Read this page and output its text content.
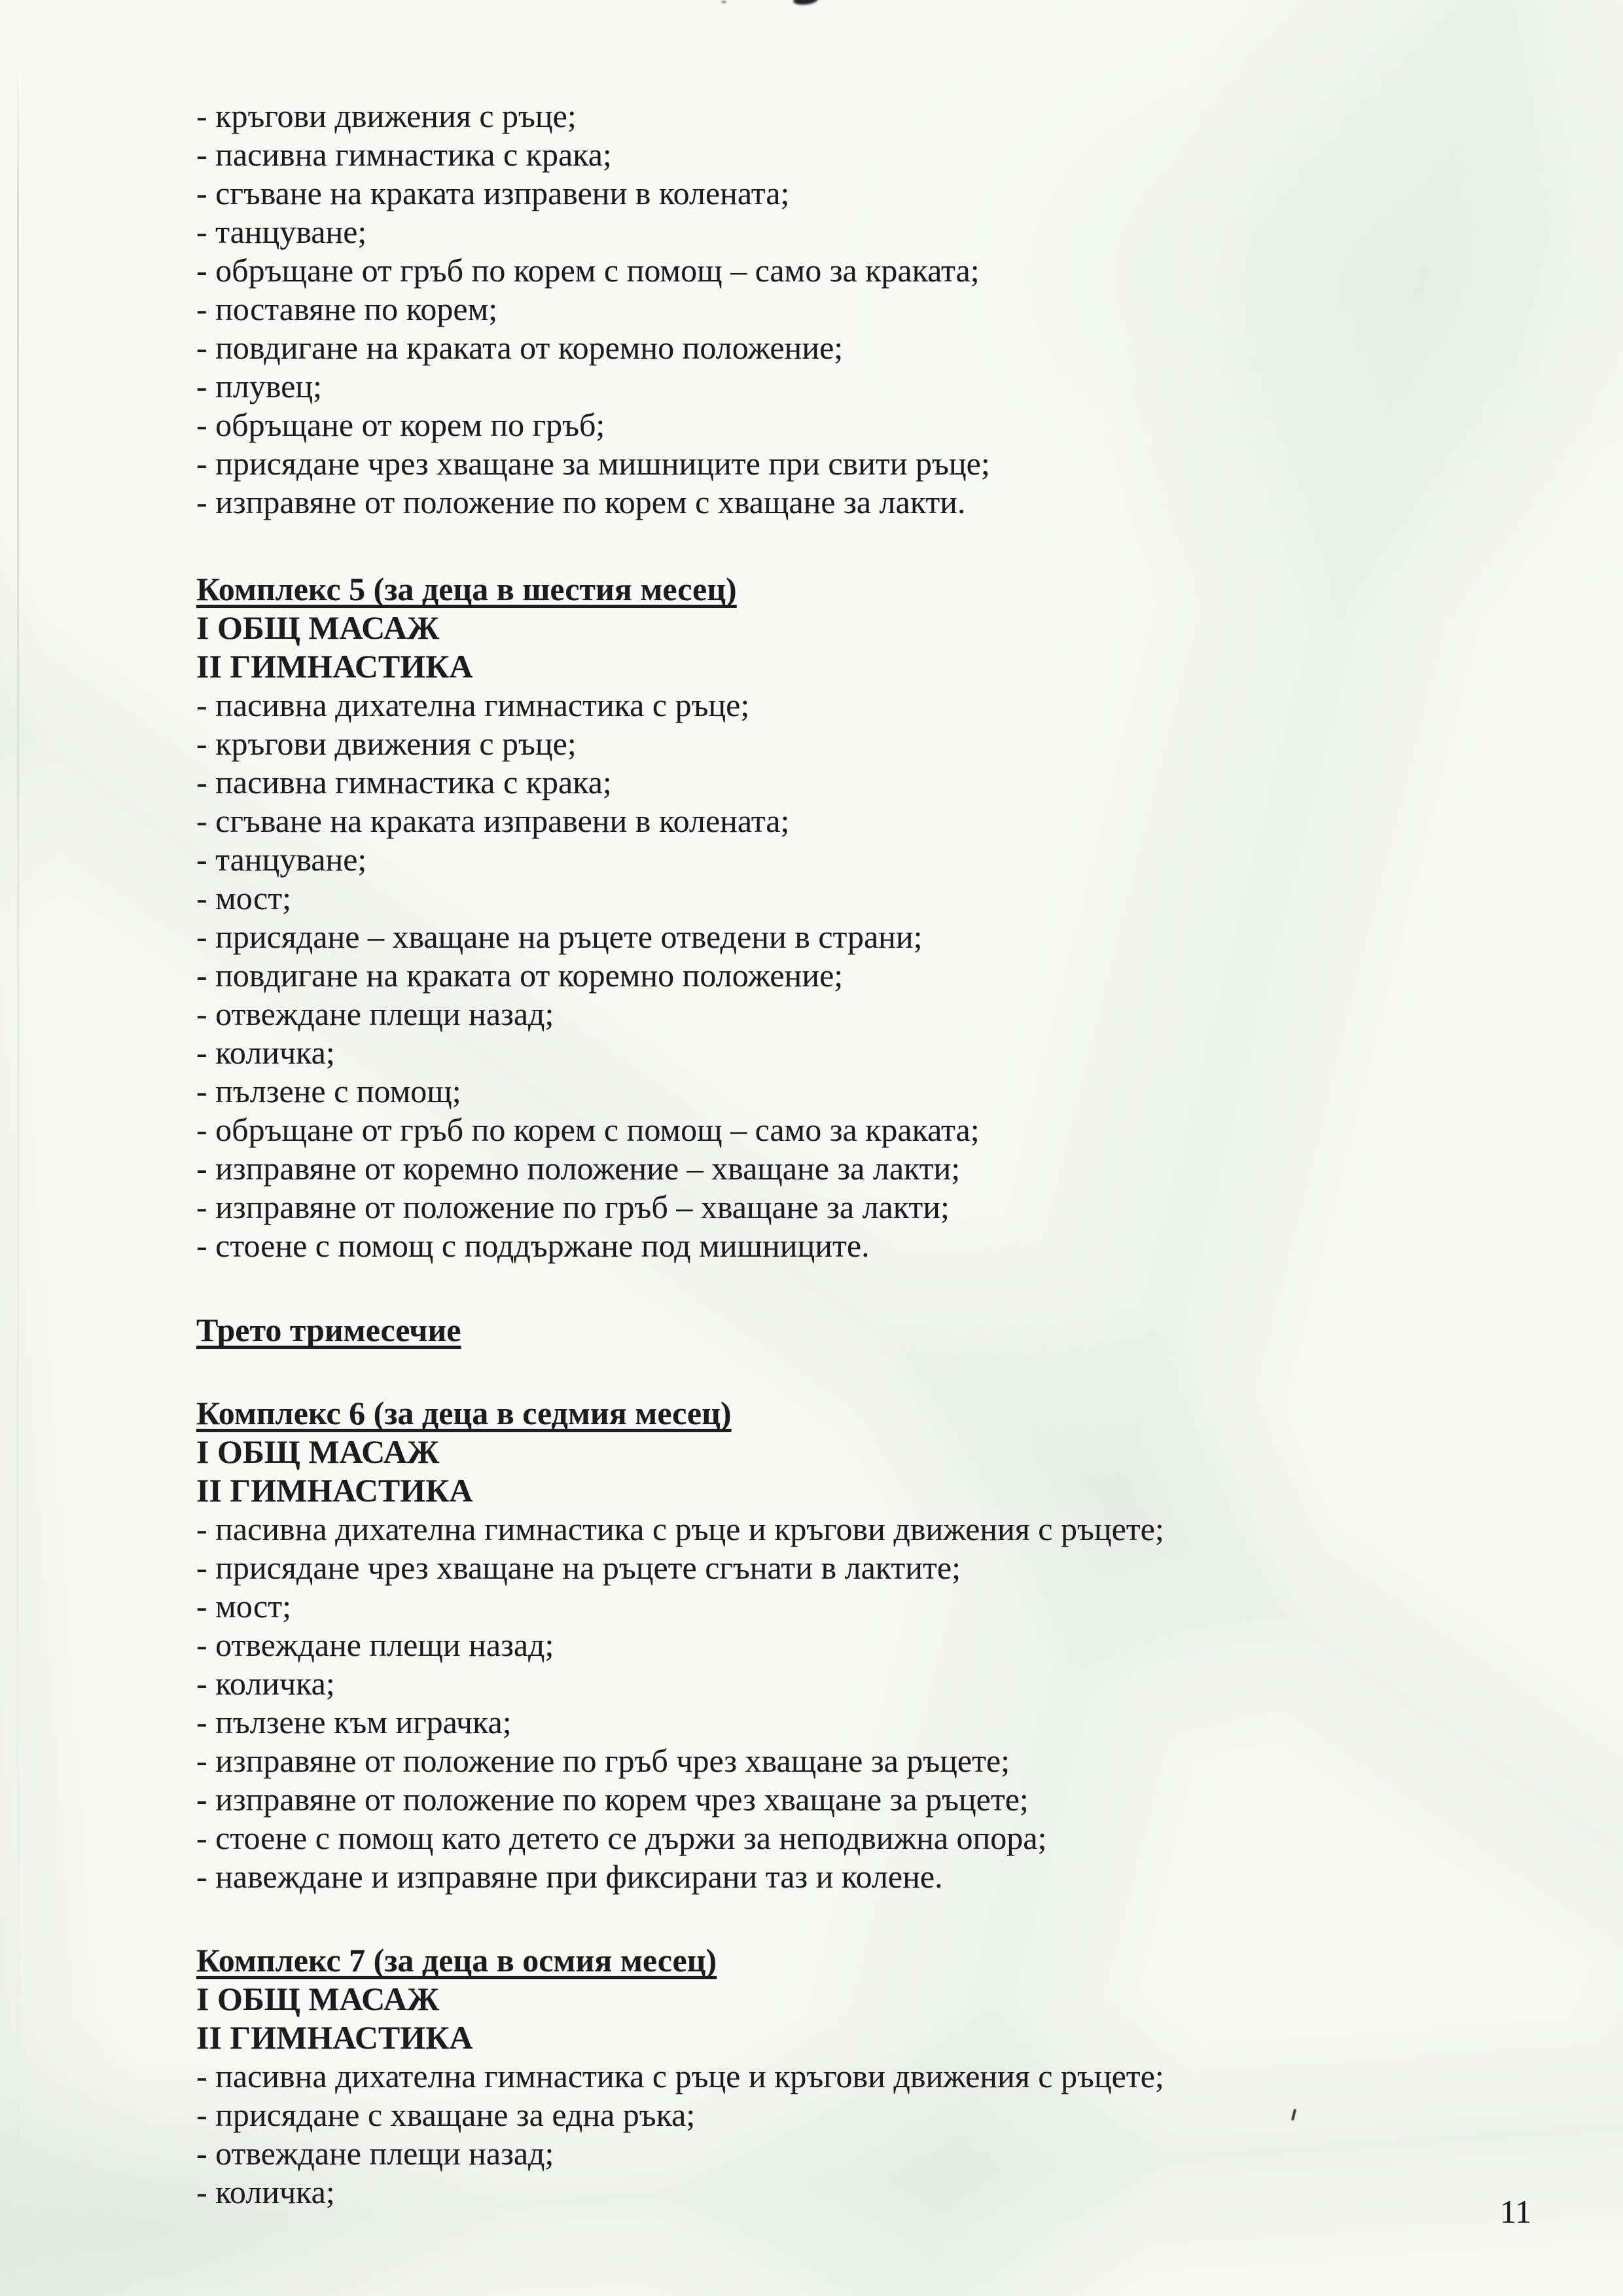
- кръгови движения с ръце;
- пасивна гимнастика с крака;
- сгъване на краката изправени в колената;
- танцуване;
- обръщане от гръб по корем с помощ – само за краката;
- поставяне по корем;
- повдигане на краката от коремно положение;
- плувец;
- обръщане от корем по гръб;
- присядане чрез хващане за мишниците при свити ръце;
- изправяне от положение по корем с хващане за лакти.
Комплекс 5 (за деца в шестия месец)
I ОБЩ МАСАЖ
II ГИМНАСТИКА
- пасивна дихателна гимнастика с ръце;
- кръгови движения с ръце;
- пасивна гимнастика с крака;
- сгъване на краката изправени в колената;
- танцуване;
- мост;
- присядане – хващане на ръцете отведени в страни;
- повдигане на краката от коремно положение;
- отвеждане плещи назад;
- количка;
- пълзене с помощ;
- обръщане от гръб по корем с помощ – само за краката;
- изправяне от коремно положение – хващане за лакти;
- изправяне от положение по гръб – хващане за лакти;
- стоене с помощ с поддържане под мишниците.
Трето тримесечие
Комплекс 6 (за деца в седмия месец)
I ОБЩ МАСАЖ
II ГИМНАСТИКА
- пасивна дихателна гимнастика с ръце и кръгови движения с ръцете;
- присядане чрез хващане на ръцете сгънати в лактите;
- мост;
- отвеждане плещи назад;
- количка;
- пълзене към играчка;
- изправяне от положение по гръб чрез хващане за ръцете;
- изправяне от положение по корем чрез хващане за ръцете;
- стоене с помощ като детето се държи за неподвижна опора;
- навеждане и изправяне при фиксирани таз и колене.
Комплекс 7 (за деца в осмия месец)
I ОБЩ МАСАЖ
II ГИМНАСТИКА
- пасивна дихателна гимнастика с ръце и кръгови движения с ръцете;
- присядане с хващане за една ръка;
- отвеждане плещи назад;
- количка;
11
